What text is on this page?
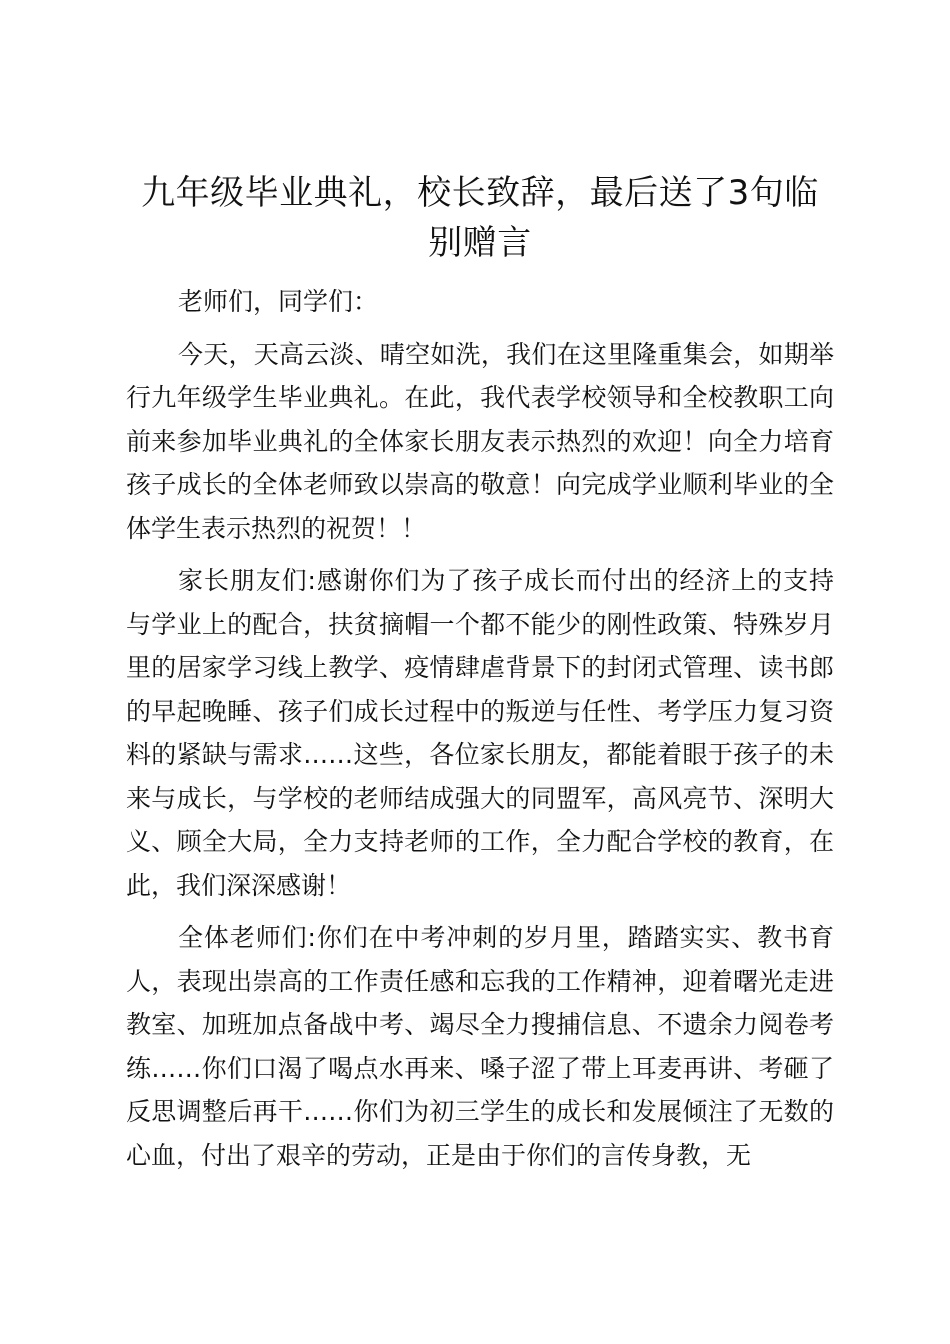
九年级毕业典礼，校长致辞，最后送了3句临别赠言

老师们，同学们：

今天，天高云淡、晴空如洗，我们在这里隆重集会，如期举行九年级学生毕业典礼。在此，我代表学校领导和全校教职工向前来参加毕业典礼的全体家长朋友表示热烈的欢迎！向全力培育孩子成长的全体老师致以崇高的敬意！向完成学业顺利毕业的全体学生表示热烈的祝贺！！

家长朋友们:感谢你们为了孩子成长而付出的经济上的支持与学业上的配合，扶贫摘帽一个都不能少的刚性政策、特殊岁月里的居家学习线上教学、疫情肆虐背景下的封闭式管理、读书郎的早起晚睡、孩子们成长过程中的叛逆与任性、考学压力复习资料的紧缺与需求……这些，各位家长朋友，都能着眼于孩子的未来与成长，与学校的老师结成强大的同盟军，高风亮节、深明大义、顾全大局，全力支持老师的工作，全力配合学校的教育，在此，我们深深感谢！

全体老师们:你们在中考冲刺的岁月里，踏踏实实、教书育人，表现出崇高的工作责任感和忘我的工作精神，迎着曙光走进教室、加班加点备战中考、竭尽全力搜捕信息、不遗余力阅卷考练……你们口渴了喝点水再来、嗓子涩了带上耳麦再讲、考砸了反思调整后再干……你们为初三学生的成长和发展倾注了无数的心血，付出了艰辛的劳动，正是由于你们的言传身教，无
